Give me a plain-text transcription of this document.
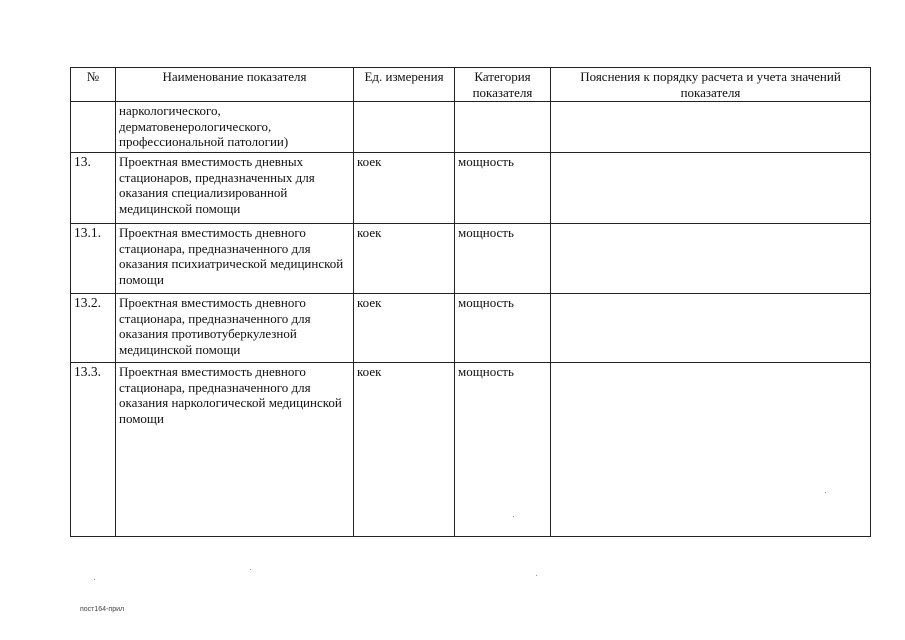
№	Наименование показателя	Ед. измерения	Категория показателя	Пояснения к порядку расчета и учета значений показателя
	наркологического, дерматовенерологического, профессиональной патологии)			
13.	Проектная вместимость дневных стационаров, предназначенных для оказания специализированной медицинской помощи	коек	мощность	
13.1.	Проектная вместимость дневного стационара, предназначенного для оказания психиатрической медицинской помощи	коек	мощность	
13.2.	Проектная вместимость дневного стационара, предназначенного для оказания противотуберкулезной медицинской помощи	коек	мощность	
13.3.	Проектная вместимость дневного стационара, предназначенного для оказания наркологической медицинской помощи	коек	мощность	
пост164-прил
